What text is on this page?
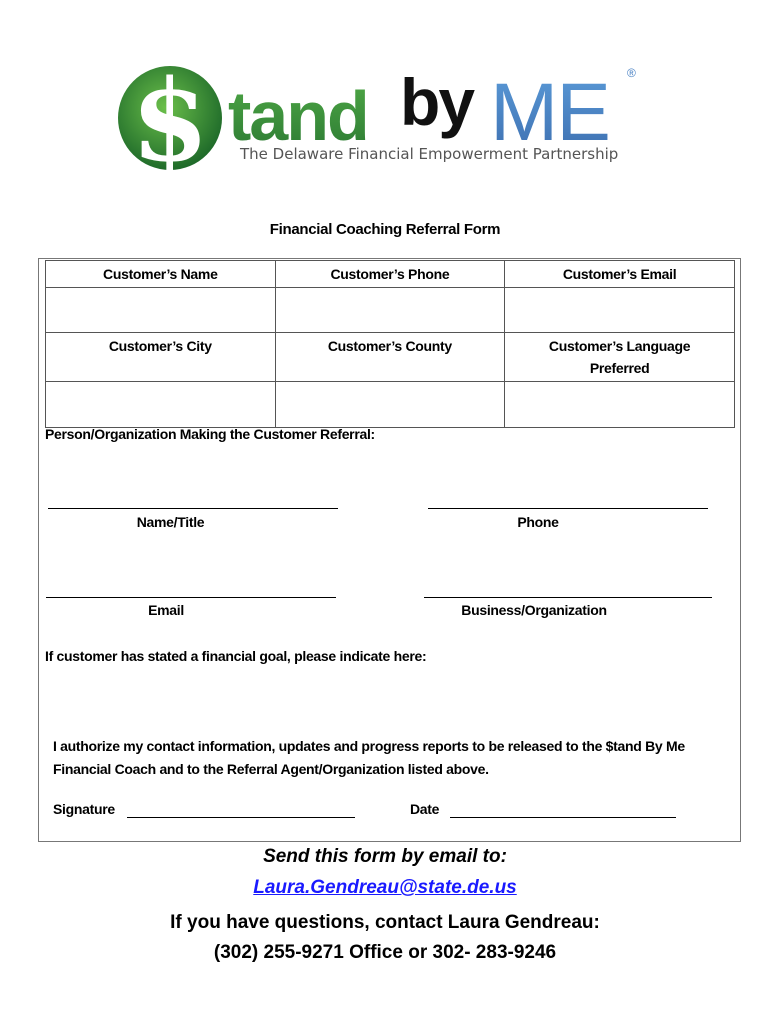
$ tand by ME ®
The Delaware Financial Empowerment Partnership
Financial Coaching Referral Form
Customer’s Name	Customer’s Phone	Customer’s Email

Customer’s City	Customer’s County	Customer’s Language Preferred

Person/Organization Making the Customer Referral:
Name/Title	Phone
Email	Business/Organization
If customer has stated a financial goal, please indicate here:
I authorize my contact information, updates and progress reports to be released to the $tand By Me Financial Coach and to the Referral Agent/Organization listed above.
Signature	Date
Send this form by email to:
Laura.Gendreau@state.de.us
If you have questions, contact Laura Gendreau:
(302) 255-9271 Office or 302- 283-9246
